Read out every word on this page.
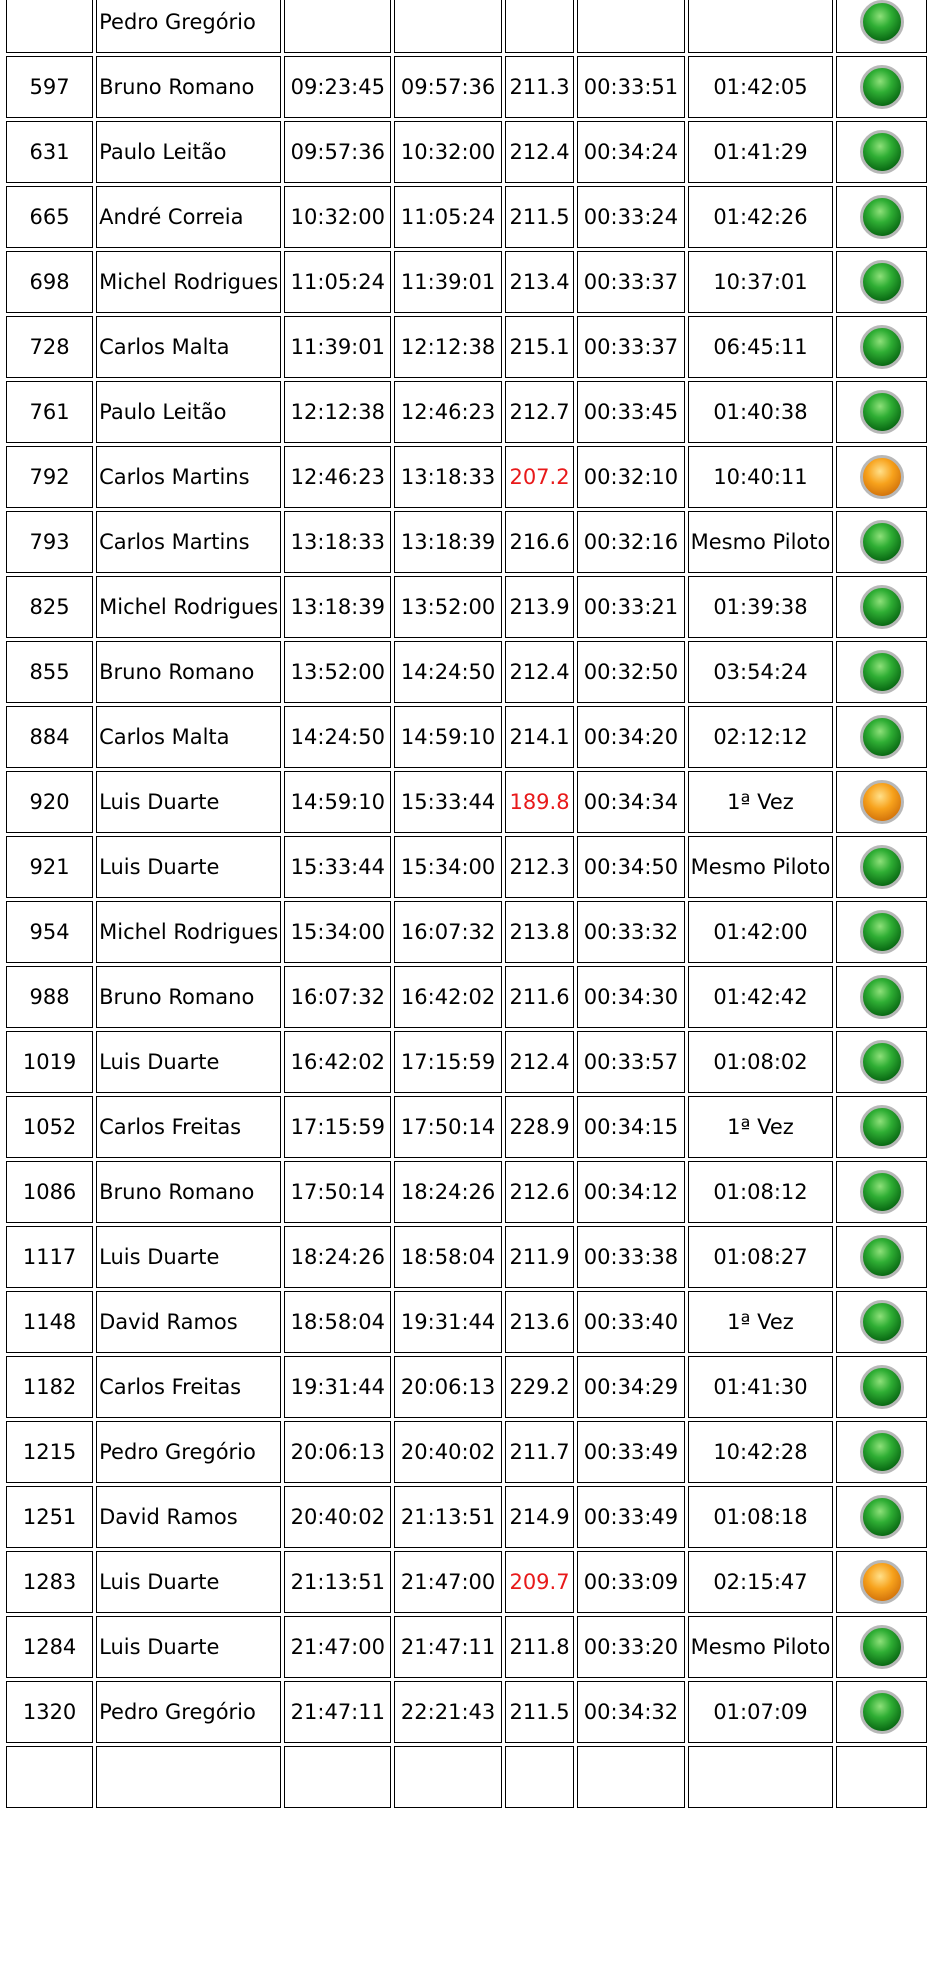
	Pedro Gregório						
597	Bruno Romano	09:23:45	09:57:36	211.3	00:33:51	01:42:05	
631	Paulo Leitão	09:57:36	10:32:00	212.4	00:34:24	01:41:29	
665	André Correia	10:32:00	11:05:24	211.5	00:33:24	01:42:26	
698	Michel Rodrigues	11:05:24	11:39:01	213.4	00:33:37	10:37:01	
728	Carlos Malta	11:39:01	12:12:38	215.1	00:33:37	06:45:11	
761	Paulo Leitão	12:12:38	12:46:23	212.7	00:33:45	01:40:38	
792	Carlos Martins	12:46:23	13:18:33	207.2	00:32:10	10:40:11	
793	Carlos Martins	13:18:33	13:18:39	216.6	00:32:16	Mesmo Piloto	
825	Michel Rodrigues	13:18:39	13:52:00	213.9	00:33:21	01:39:38	
855	Bruno Romano	13:52:00	14:24:50	212.4	00:32:50	03:54:24	
884	Carlos Malta	14:24:50	14:59:10	214.1	00:34:20	02:12:12	
920	Luis Duarte	14:59:10	15:33:44	189.8	00:34:34	1ª Vez	
921	Luis Duarte	15:33:44	15:34:00	212.3	00:34:50	Mesmo Piloto	
954	Michel Rodrigues	15:34:00	16:07:32	213.8	00:33:32	01:42:00	
988	Bruno Romano	16:07:32	16:42:02	211.6	00:34:30	01:42:42	
1019	Luis Duarte	16:42:02	17:15:59	212.4	00:33:57	01:08:02	
1052	Carlos Freitas	17:15:59	17:50:14	228.9	00:34:15	1ª Vez	
1086	Bruno Romano	17:50:14	18:24:26	212.6	00:34:12	01:08:12	
1117	Luis Duarte	18:24:26	18:58:04	211.9	00:33:38	01:08:27	
1148	David Ramos	18:58:04	19:31:44	213.6	00:33:40	1ª Vez	
1182	Carlos Freitas	19:31:44	20:06:13	229.2	00:34:29	01:41:30	
1215	Pedro Gregório	20:06:13	20:40:02	211.7	00:33:49	10:42:28	
1251	David Ramos	20:40:02	21:13:51	214.9	00:33:49	01:08:18	
1283	Luis Duarte	21:13:51	21:47:00	209.7	00:33:09	02:15:47	
1284	Luis Duarte	21:47:00	21:47:11	211.8	00:33:20	Mesmo Piloto	
1320	Pedro Gregório	21:47:11	22:21:43	211.5	00:34:32	01:07:09	
